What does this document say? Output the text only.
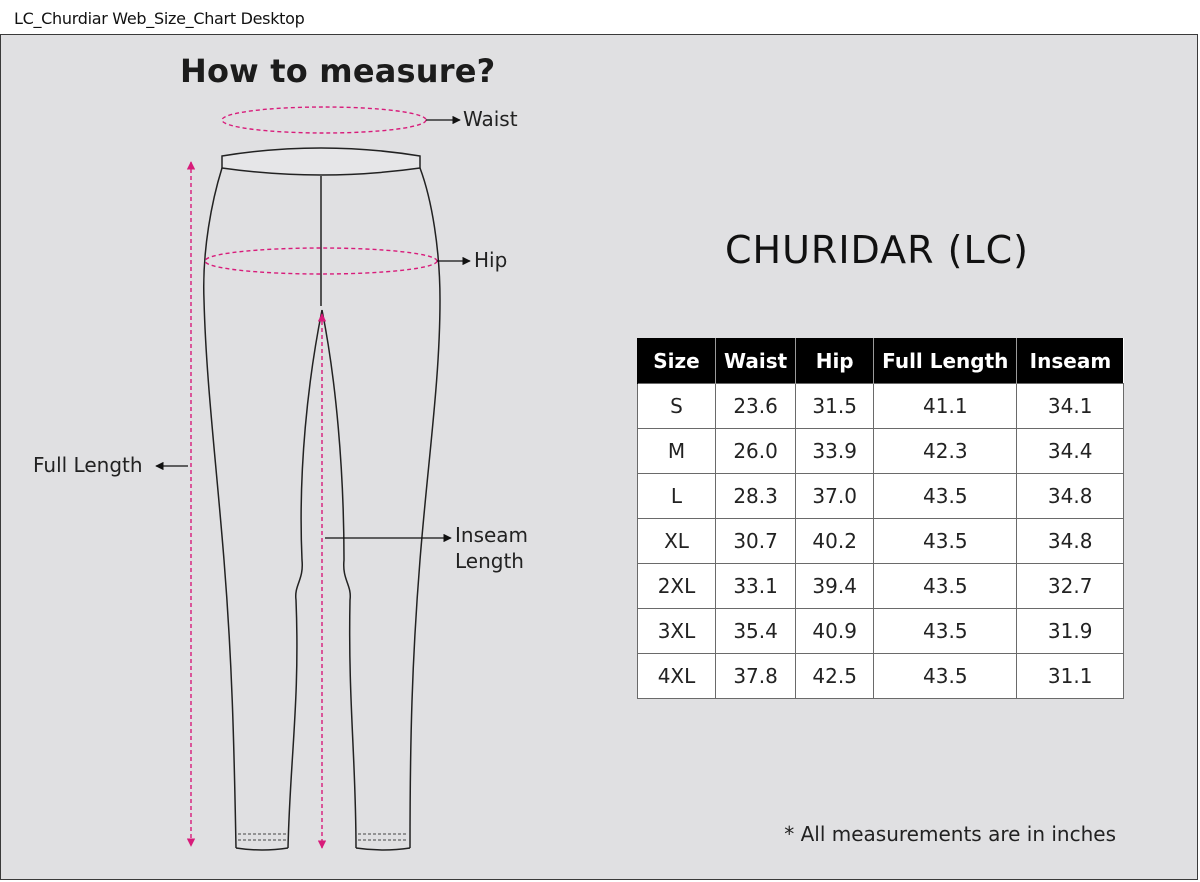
LC_Churdiar Web_Size_Chart Desktop
How to measure?
Waist
Hip
Full Length
Inseam
Length
CHURIDAR (LC)
Size	Waist	Hip	Full Length	Inseam
S	23.6	31.5	41.1	34.1
M	26.0	33.9	42.3	34.4
L	28.3	37.0	43.5	34.8
XL	30.7	40.2	43.5	34.8
2XL	33.1	39.4	43.5	32.7
3XL	35.4	40.9	43.5	31.9
4XL	37.8	42.5	43.5	31.1
* All measurements are in inches
